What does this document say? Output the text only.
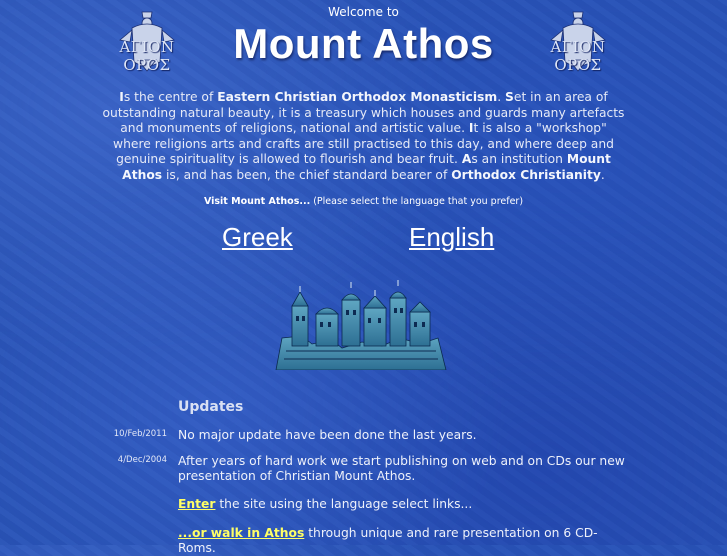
Welcome to
Mount Athos
ΑΓΙΟΝ ΟΡΟΣ
ΑΓΙΟΝ ΟΡΟΣ
Is the centre of Eastern Christian Orthodox Monasticism. Set in an area of outstanding natural beauty, it is a treasury which houses and guards many artefacts and monuments of religions, national and artistic value. It is also a "workshop" where religions arts and crafts are still practised to this day, and where deep and genuine spirituality is allowed to flourish and bear fruit. As an institution Mount Athos is, and has been, the chief standard bearer of Orthodox Christianity.
Visit Mount Athos... (Please select the language that you prefer)
Greek	English
Updates
10/Feb/2011 No major update have been done the last years.
4/Dec/2004 After years of hard work we start publishing on web and on CDs our new presentation of Christian Mount Athos.
Enter the site using the language select links...
...or walk in Athos through unique and rare presentation on 6 CD-Roms.
